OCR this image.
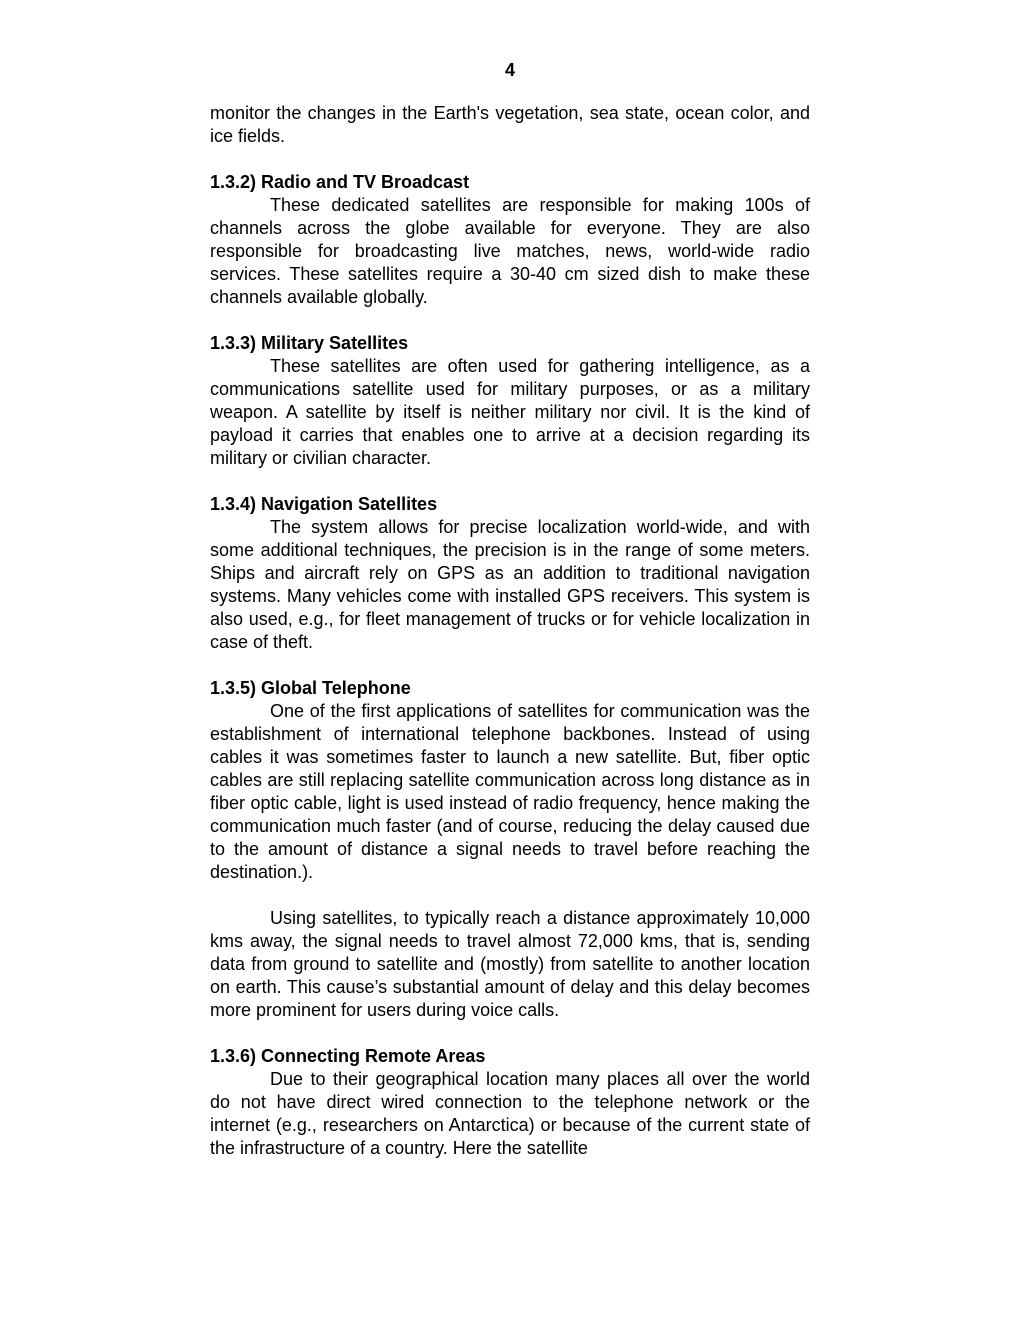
4

monitor the changes in the Earth's vegetation, sea state, ocean color, and ice fields.

1.3.2) Radio and TV Broadcast

These dedicated satellites are responsible for making 100s of channels across the globe available for everyone. They are also responsible for broadcasting live matches, news, world-wide radio services. These satellites require a 30-40 cm sized dish to make these channels available globally.

1.3.3) Military Satellites

These satellites are often used for gathering intelligence, as a communications satellite used for military purposes, or as a military weapon. A satellite by itself is neither military nor civil. It is the kind of payload it carries that enables one to arrive at a decision regarding its military or civilian character.

1.3.4) Navigation Satellites

The system allows for precise localization world-wide, and with some additional techniques, the precision is in the range of some meters. Ships and aircraft rely on GPS as an addition to traditional navigation systems. Many vehicles come with installed GPS receivers. This system is also used, e.g., for fleet management of trucks or for vehicle localization in case of theft.

1.3.5) Global Telephone

One of the first applications of satellites for communication was the establishment of international telephone backbones. Instead of using cables it was sometimes faster to launch a new satellite. But, fiber optic cables are still replacing satellite communication across long distance as in fiber optic cable, light is used instead of radio frequency, hence making the communication much faster (and of course, reducing the delay caused due to the amount of distance a signal needs to travel before reaching the destination.).

Using satellites, to typically reach a distance approximately 10,000 kms away, the signal needs to travel almost 72,000 kms, that is, sending data from ground to satellite and (mostly) from satellite to another location on earth. This cause’s substantial amount of delay and this delay becomes more prominent for users during voice calls.

1.3.6) Connecting Remote Areas

Due to their geographical location many places all over the world do not have direct wired connection to the telephone network or the internet (e.g., researchers on Antarctica) or because of the current state of the infrastructure of a country. Here the satellite
